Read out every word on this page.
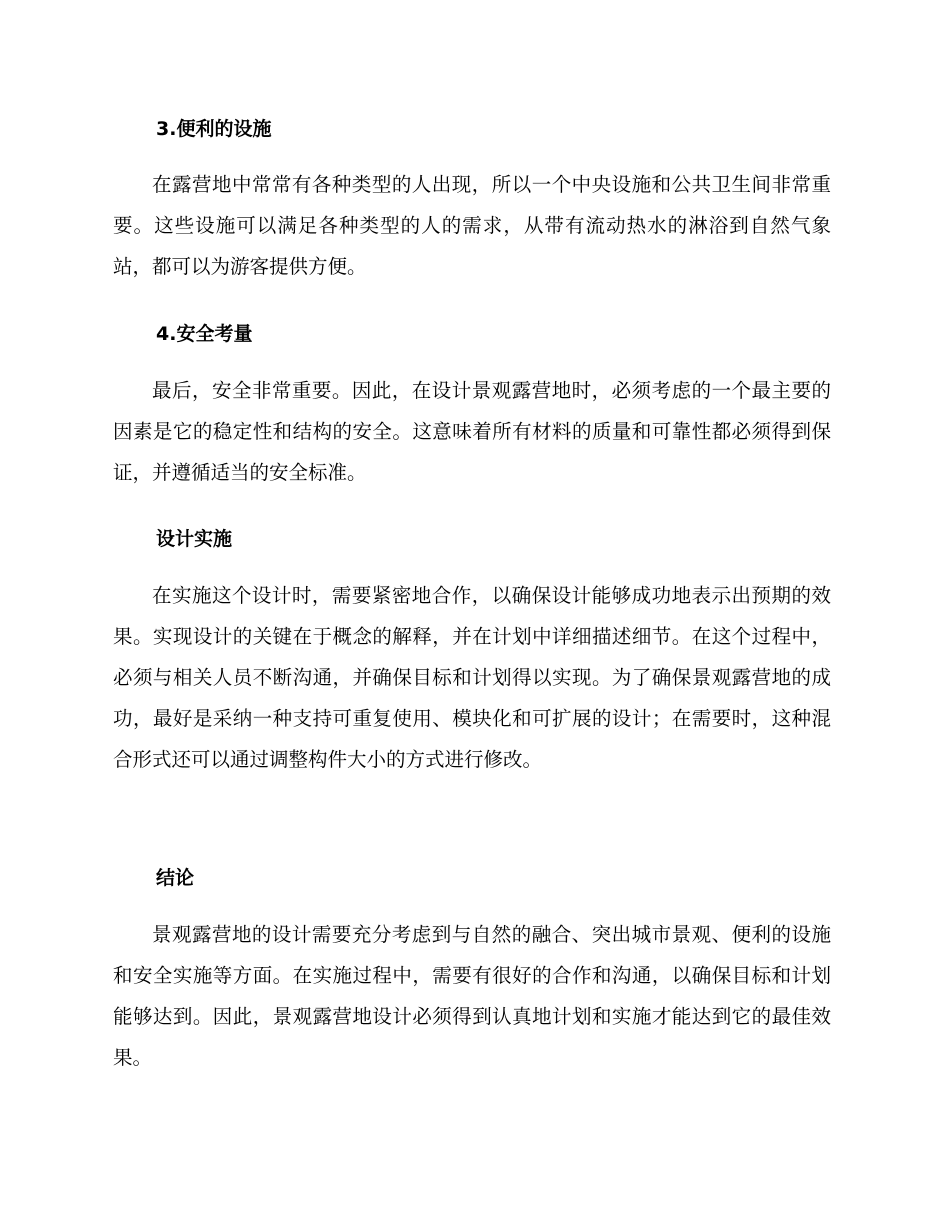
3.便利的设施

在露营地中常常有各种类型的人出现，所以一个中央设施和公共卫生间非常重要。这些设施可以满足各种类型的人的需求，从带有流动热水的淋浴到自然气象站，都可以为游客提供方便。

4.安全考量

最后，安全非常重要。因此，在设计景观露营地时，必须考虑的一个最主要的因素是它的稳定性和结构的安全。这意味着所有材料的质量和可靠性都必须得到保证，并遵循适当的安全标准。

设计实施

在实施这个设计时，需要紧密地合作，以确保设计能够成功地表示出预期的效果。实现设计的关键在于概念的解释，并在计划中详细描述细节。在这个过程中，必须与相关人员不断沟通，并确保目标和计划得以实现。为了确保景观露营地的成功，最好是采纳一种支持可重复使用、模块化和可扩展的设计；在需要时，这种混合形式还可以通过调整构件大小的方式进行修改。

结论

景观露营地的设计需要充分考虑到与自然的融合、突出城市景观、便利的设施和安全实施等方面。在实施过程中，需要有很好的合作和沟通，以确保目标和计划能够达到。因此，景观露营地设计必须得到认真地计划和实施才能达到它的最佳效果。
